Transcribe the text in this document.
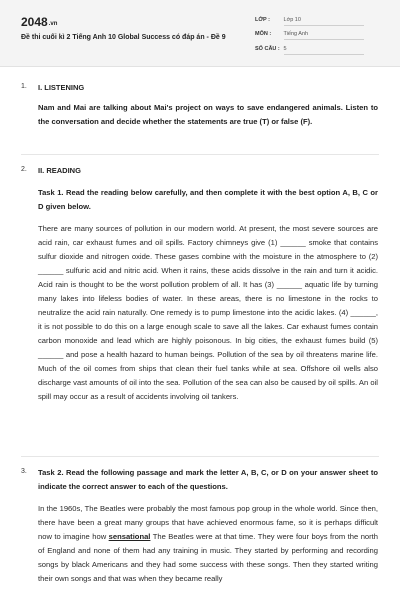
2048.vn
Đề thi cuối kì 2 Tiếng Anh 10 Global Success có đáp án - Đề 9
LỚP : Lớp 10
MÔN : Tiếng Anh
SỐ CÂU : 5
1. I. LISTENING
Nam and Mai are talking about Mai's project on ways to save endangered animals. Listen to the conversation and decide whether the statements are true (T) or false (F).
2. II. READING
Task 1. Read the reading below carefully, and then complete it with the best option A, B, C or D given below.
There are many sources of pollution in our modern world. At present, the most severe sources are acid rain, car exhaust fumes and oil spills. Factory chimneys give (1) ______ smoke that contains sulfur dioxide and nitrogen oxide. These gases combine with the moisture in the atmosphere to (2) ______ sulfuric acid and nitric acid. When it rains, these acids dissolve in the rain and turn it acidic. Acid rain is thought to be the worst pollution problem of all. It has (3) ______ aquatic life by turning many lakes into lifeless bodies of water. In these areas, there is no limestone in the rocks to neutralize the acid rain naturally. One remedy is to pump limestone into the acidic lakes. (4) ______, it is not possible to do this on a large enough scale to save all the lakes. Car exhaust fumes contain carbon monoxide and lead which are highly poisonous. In big cities, the exhaust fumes build (5) ______ and pose a health hazard to human beings. Pollution of the sea by oil threatens marine life. Much of the oil comes from ships that clean their fuel tanks while at sea. Offshore oil wells also discharge vast amounts of oil into the sea. Pollution of the sea can also be caused by oil spills. An oil spill may occur as a result of accidents involving oil tankers.
3. Task 2. Read the following passage and mark the letter A, B, C, or D on your answer sheet to indicate the correct answer to each of the questions.
In the 1960s, The Beatles were probably the most famous pop group in the whole world. Since then, there have been a great many groups that have achieved enormous fame, so it is perhaps difficult now to imagine how sensational The Beatles were at that time. They were four boys from the north of England and none of them had any training in music. They started by performing and recording songs by black Americans and they had some success with these songs. Then they started writing their own songs and that was when they became really
